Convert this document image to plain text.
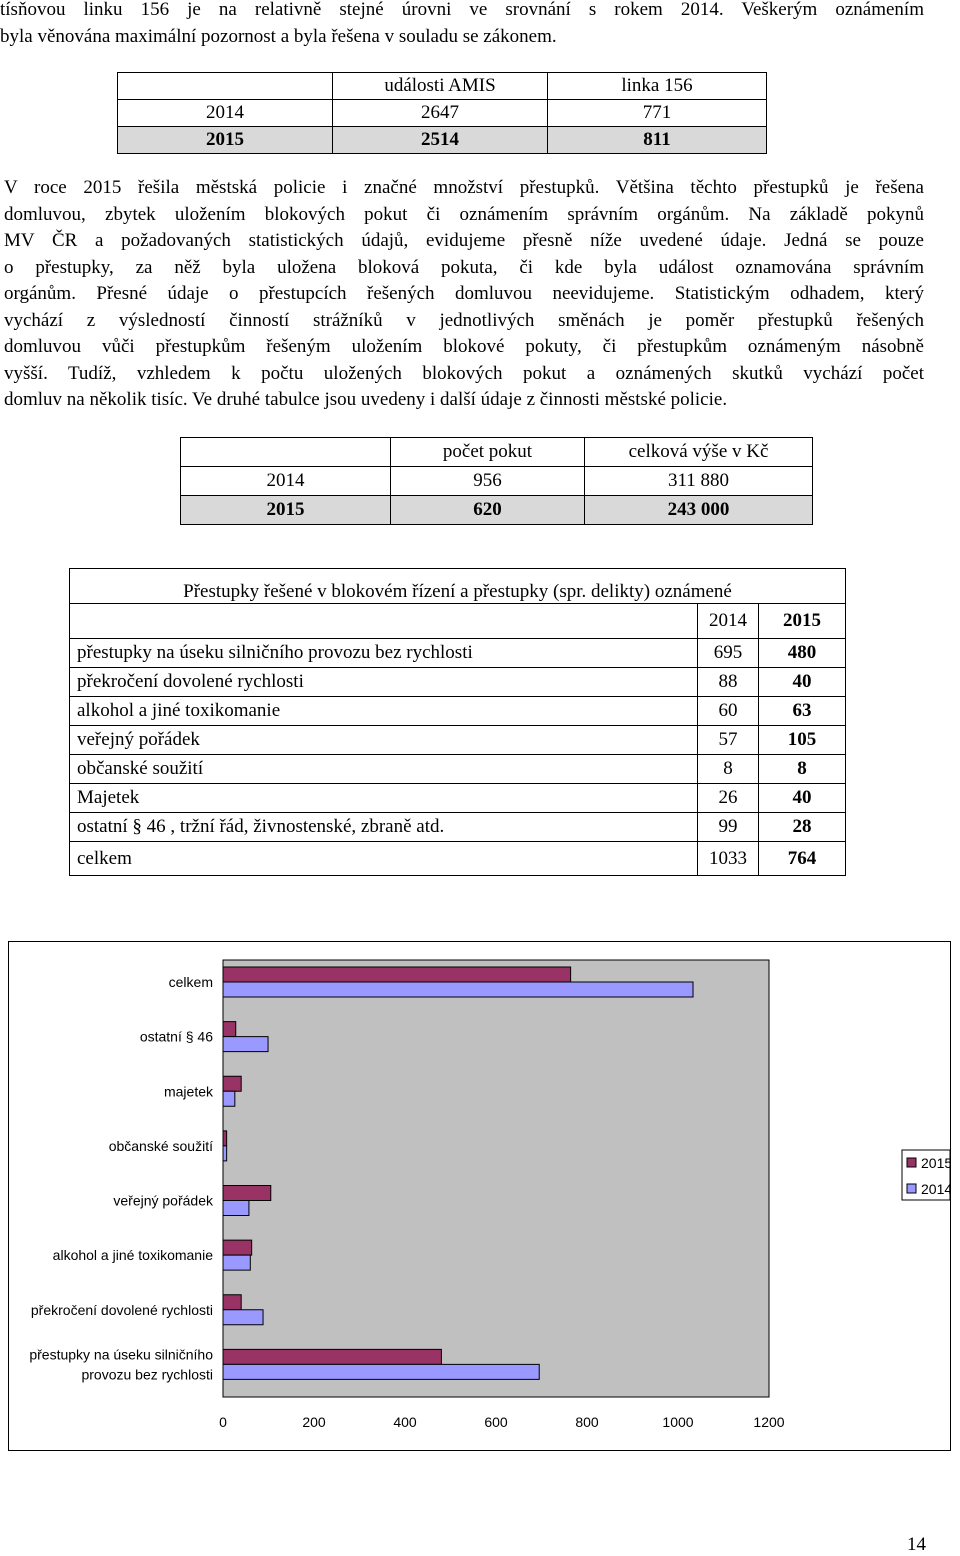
tísňovou linku 156 je na relativně stejné úrovni ve srovnání s rokem 2014. Veškerým oznámením
byla věnována maximální pozornost a byla řešena v souladu se zákonem.
	události AMIS	linka 156
2014	2647	771
2015	2514	811
V roce 2015 řešila městská policie i značné množství přestupků. Většina těchto přestupků je řešena
domluvou, zbytek uložením blokových pokut či oznámením správním orgánům. Na základě pokynů
MV ČR a požadovaných statistických údajů, evidujeme přesně níže uvedené údaje. Jedná se pouze
o přestupky, za něž byla uložena bloková pokuta, či kde byla událost oznamována správním
orgánům. Přesné údaje o přestupcích řešených domluvou neevidujeme. Statistickým odhadem, který
vychází z výsledností činností strážníků v jednotlivých směnách je poměr přestupků řešených
domluvou vůči přestupkům řešeným uložením blokové pokuty, či přestupkům oznámeným násobně
vyšší. Tudíž, vzhledem k počtu uložených blokových pokut a oznámených skutků vychází počet
domluv na několik tisíc. Ve druhé tabulce jsou uvedeny i další údaje z činnosti městské policie.
	počet pokut	celková výše v Kč
2014	956	311 880
2015	620	243 000
Přestupky řešené v blokovém řízení a přestupky (spr. delikty) oznámené		
	2014	2015
přestupky na úseku silničního provozu bez rychlosti	695	480
překročení dovolené rychlosti	88	40
alkohol a jiné toxikomanie	60	63
veřejný pořádek	57	105
občanské soužití	8	8
Majetek	26	40
ostatní § 46 , tržní řád, živnostenské, zbraně atd.	99	28
celkem	1033	764
celkem
ostatní § 46
majetek
občanské soužití
veřejný pořádek
alkohol a jiné toxikomanie
překročení dovolené rychlosti
přestupky na úseku silničního
provozu bez rychlosti
0	200	400	600	800	1000	1200
2015
2014
14
